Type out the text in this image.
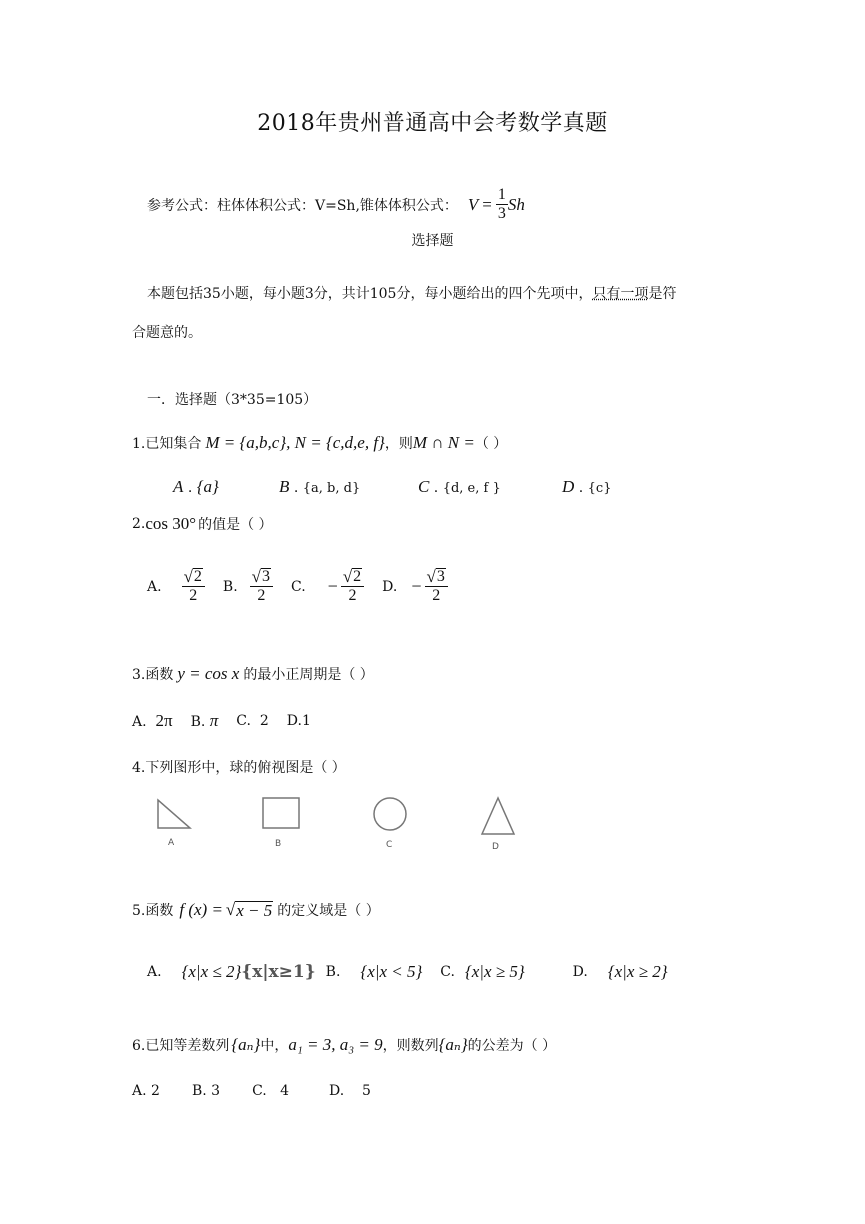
2018年贵州普通高中会考数学真题
参考公式：柱体体积公式：V=Sh,锥体体积公式： $V = \frac{1}{3}$ Sh
选择题
本题包括35小题，每小题3分，共计105分，每小题给出的四个先项中，只有一项是符
合题意的。
一．选择题（3*35=105）
1.已知集合 M = {a,b,c}, N = {c,d,e, f} ，则 M ∩ N = （ ）
A . {a}	B . {a, b, d}	C . {d, e, f }	D . {c}
2. cos 30° 的值是（ ）
A. $\frac{√ 2}{2} B$. $\frac{√ 3}{2} C$. − $\frac{√ 2}{2} D$. − $\frac{√ 3}{2}$
3.函数 y = cos x 的最小正周期是（ ）
A. 2π B. π C. 2 D.1
4.下列图形中，球的俯视图是（ ）
A	B	C	D
5.函数 f (x) = √ x − 5 的定义域是（ ）
A. {x|x ≤ 2} {x|x≥1} B. {x|x < 5} C. {x|x ≥ 5}	D. {x|x ≥ 2}
6.已知等差数列 {aₙ} 中， a₁ = 3, a₃ = 9 ，则数列 {aₙ} 的公差为（ ）
A. 2 B. 3 C. 4	D. 5
